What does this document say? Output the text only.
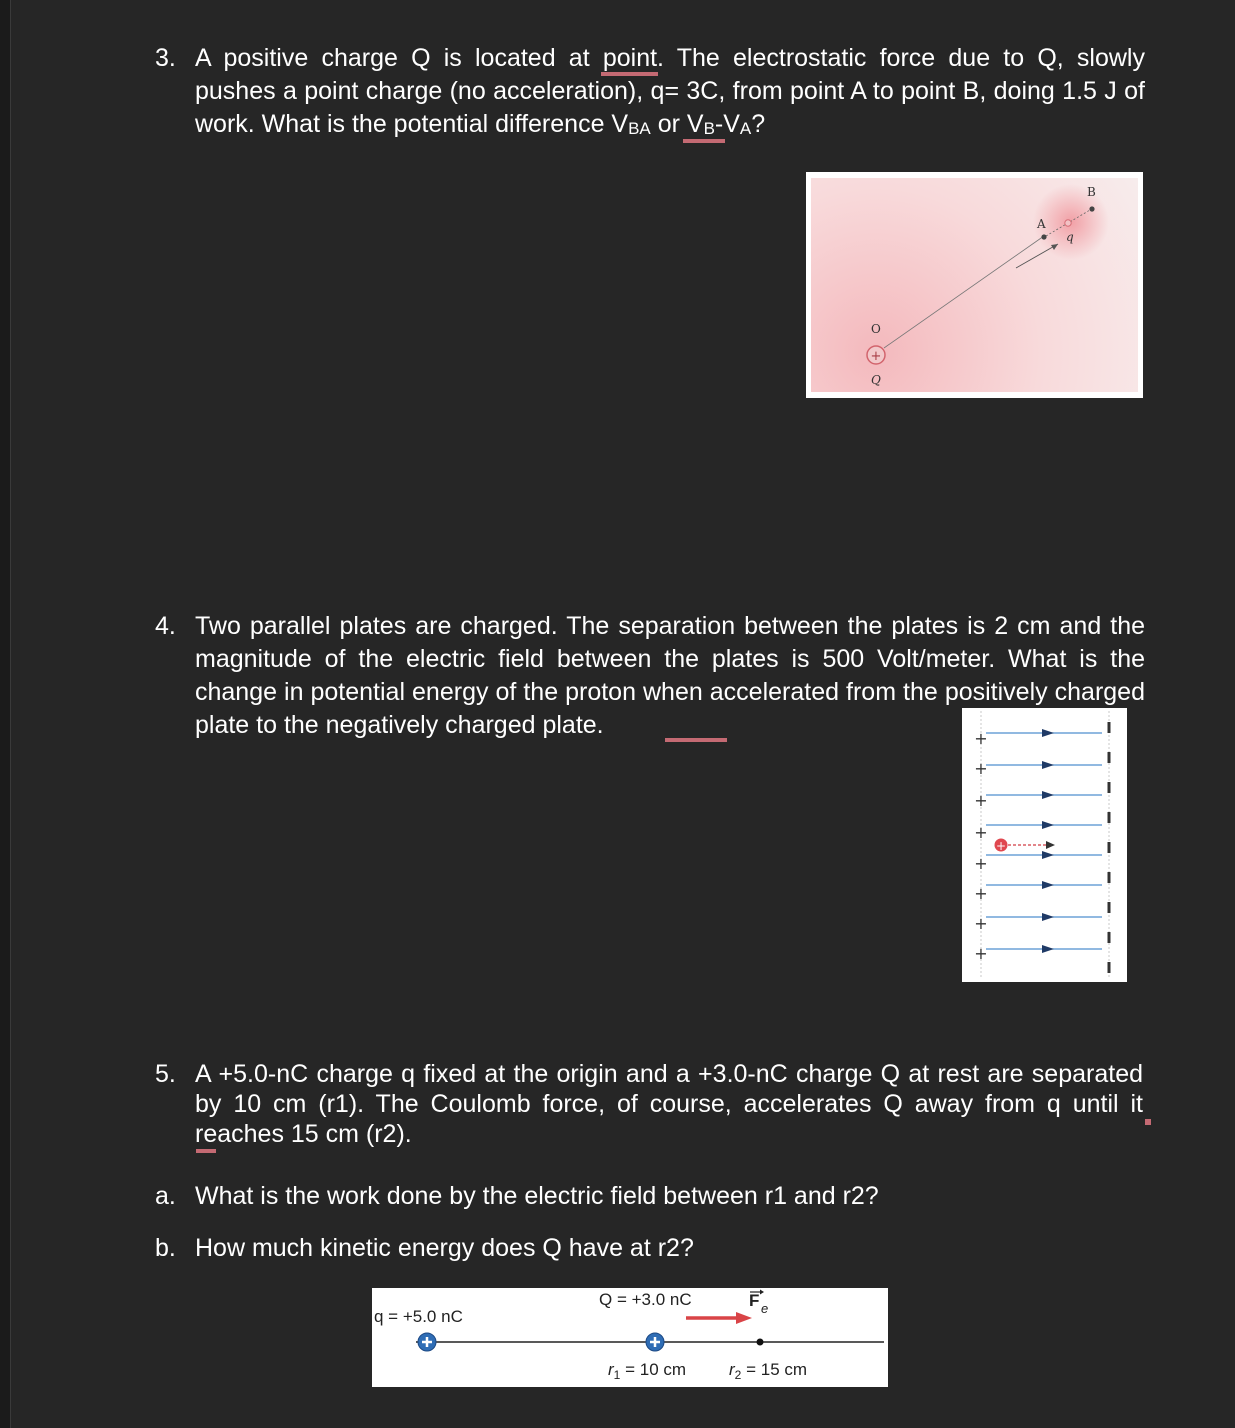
3. A positive charge Q is located at point. The electrostatic force due to Q, slowly pushes a point charge (no acceleration), q= 3C, from point A to point B, doing 1.5 J of work. What is the potential difference VBA or VB-VA?
B
A
q
O
+
Q
4. Two parallel plates are charged. The separation between the plates is 2 cm and the magnitude of the electric field between the plates is 500 Volt/meter. What is the change in potential energy of the proton when accelerated from the positively charged plate to the negatively charged plate.	+
+
+
+
+
+
+
+
+
5. A +5.0-nC charge q fixed at the origin and a +3.0-nC charge Q at rest are separated by 10 cm (r1). The Coulomb force, of course, accelerates Q away from q until it reaches 15 cm (r2).
a. What is the work done by the electric field between r1 and r2?
b. How much kinetic energy does Q have at r2?
q = +5.0 nC
Q = +3.0 nC	F e
$r_1 = 10$ cm	$r_2 = 15$ cm
